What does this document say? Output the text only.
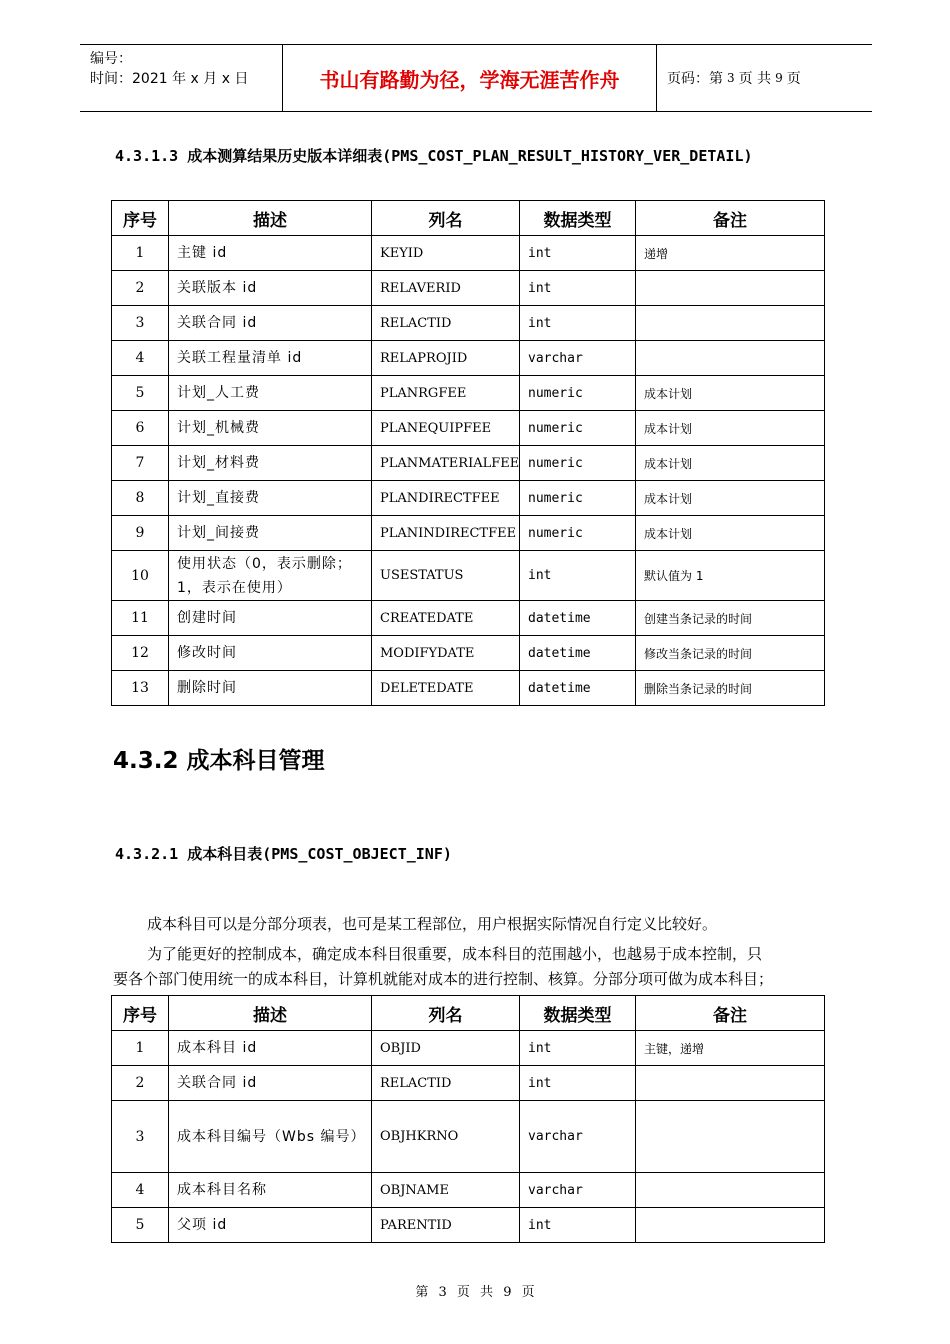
编号：
时间：2021 年 x 月 x 日	书山有路勤为径，学海无涯苦作舟	页码：第 3 页 共 9 页
4.3.1.3 成本测算结果历史版本详细表(PMS_COST_PLAN_RESULT_HISTORY_VER_DETAIL)
序号	描述	列名	数据类型	备注
1	主键 id	KEYID	int	递增
2	关联版本 id	RELAVERID	int	
3	关联合同 id	RELACTID	int	
4	关联工程量清单 id	RELAPROJID	varchar	
5	计划_人工费	PLANRGFEE	numeric	成本计划
6	计划_机械费	PLANEQUIPFEE	numeric	成本计划
7	计划_材料费	PLANMATERIALFEE	numeric	成本计划
8	计划_直接费	PLANDIRECTFEE	numeric	成本计划
9	计划_间接费	PLANINDIRECTFEE	numeric	成本计划
10	使用状态（0，表示删除；1，表示在使用）	USESTATUS	int	默认值为 1
11	创建时间	CREATEDATE	datetime	创建当条记录的时间
12	修改时间	MODIFYDATE	datetime	修改当条记录的时间
13	删除时间	DELETEDATE	datetime	删除当条记录的时间
4.3.2 成本科目管理
4.3.2.1 成本科目表(PMS_COST_OBJECT_INF)
成本科目可以是分部分项表，也可是某工程部位，用户根据实际情况自行定义比较好。
为了能更好的控制成本，确定成本科目很重要，成本科目的范围越小，也越易于成本控制，只
要各个部门使用统一的成本科目，计算机就能对成本的进行控制、核算。分部分项可做为成本科目；
序号	描述	列名	数据类型	备注
1	成本科目 id	OBJID	int	主键，递增
2	关联合同 id	RELACTID	int	
3	成本科目编号（Wbs 编号）	OBJHKRNO	varchar	
4	成本科目名称	OBJNAME	varchar	
5	父项 id	PARENTID	int	
第 3 页 共 9 页
